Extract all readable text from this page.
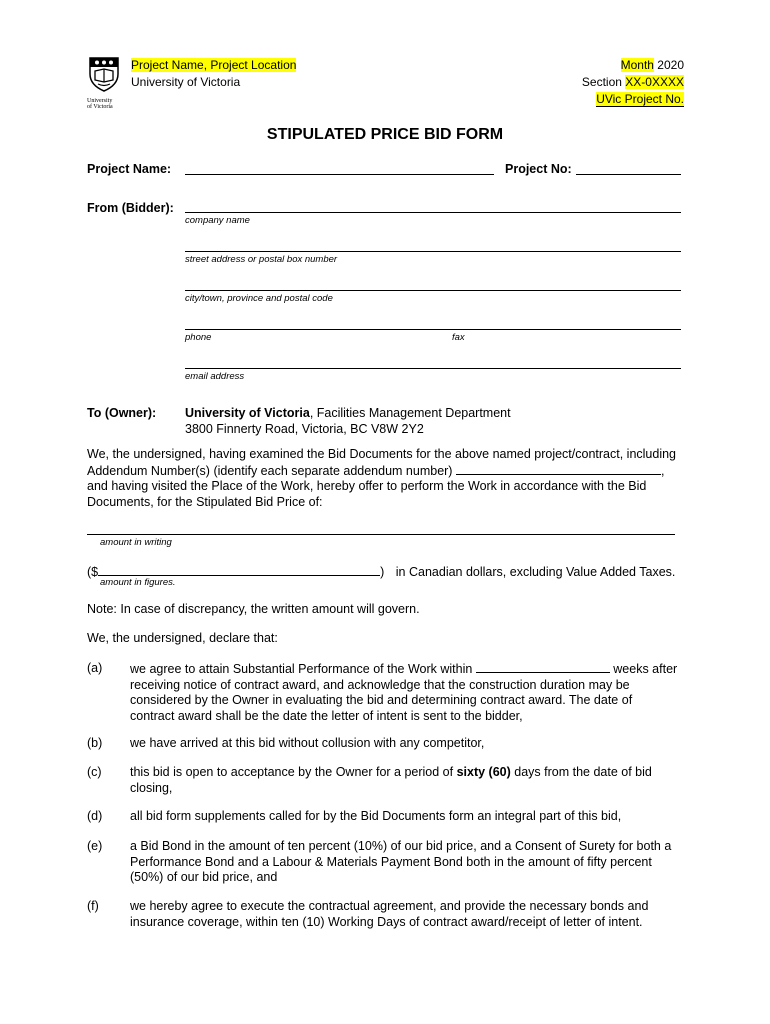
University
of Victoria
Project Name, Project Location
University of Victoria
Month 2020
Section XX-0XXXX
UVic Project No.
STIPULATED PRICE BID FORM
Project Name:	Project No:
From (Bidder):
company name
street address or postal box number
city/town, province and postal code
phone	fax
email address
To (Owner): University of Victoria, Facilities Management Department
3800 Finnerty Road, Victoria, BC V8W 2Y2
We, the undersigned, having examined the Bid Documents for the above named project/contract, including
Addendum Number(s) (identify each separate addendum number)	,
and having visited the Place of the Work, hereby offer to perform the Work in accordance with the Bid
Documents, for the Stipulated Bid Price of:
amount in writing
($	) in Canadian dollars, excluding Value Added Taxes.
amount in figures.
Note: In case of discrepancy, the written amount will govern.
We, the undersigned, declare that:
(a) we agree to attain Substantial Performance of the Work within	weeks after

receiving notice of contract award, and acknowledge that the construction duration may be considered by the Owner in evaluating the bid and determining contract award. The date of contract award shall be the date the letter of intent is sent to the bidder,
(b) we have arrived at this bid without collusion with any competitor,
(c) this bid is open to acceptance by the Owner for a period of sixty (60) days from the date of bid closing,
(d) all bid form supplements called for by the Bid Documents form an integral part of this bid,
(e) a Bid Bond in the amount of ten percent (10%) of our bid price, and a Consent of Surety for both a Performance Bond and a Labour & Materials Payment Bond both in the amount of fifty percent (50%) of our bid price, and
(f) we hereby agree to execute the contractual agreement, and provide the necessary bonds and insurance coverage, within ten (10) Working Days of contract award/receipt of letter of intent.
